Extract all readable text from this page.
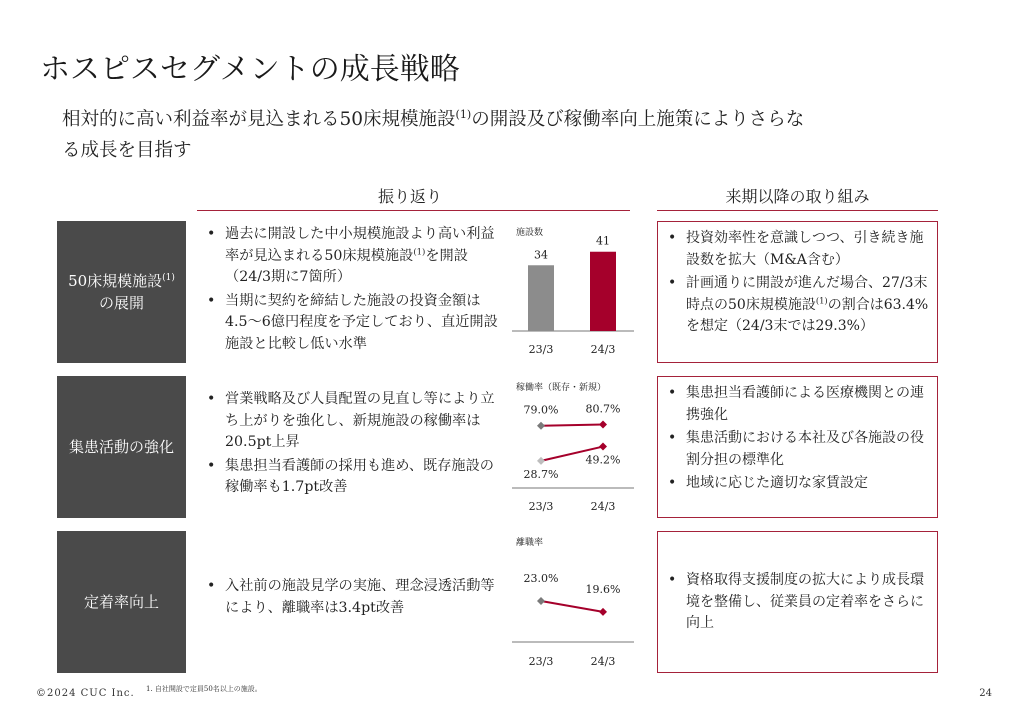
ホスピスセグメントの成長戦略
相対的に高い利益率が見込まれる50床規模施設$^{(1)}$の開設及び稼働率向上施策によりさらな
る成長を目指す
振り返り	来期以降の取り組み
50床規模施設$^{(1)}$
の展開
• 過去に開設した中小規模施設より高い利益率が見込まれる50床規模施設$^{(1)}$を開設（24/3期に7箇所）
• 当期に契約を締結した施設の投資金額は4.5〜6億円程度を予定しており、直近開設施設と比較し低い水準
施設数
34
41
23/3	24/3
• 投資効率性を意識しつつ、引き続き施設数を拡大（M&A含む）
• 計画通りに開設が進んだ場合、27/3末時点の50床規模施設$^{(1)}$の割合は63.4%を想定（24/3末では29.3%）
集患活動の強化
• 営業戦略及び人員配置の見直し等により立ち上がりを強化し、新規施設の稼働率は20.5pt上昇
• 集患担当看護師の採用も進め、既存施設の稼働率も1.7pt改善
稼働率（既存・新規）
79.0% 80.7%
28.7%
49.2%
23/3	24/3
• 集患担当看護師による医療機関との連携強化
• 集患活動における本社及び各施設の役割分担の標準化
• 地域に応じた適切な家賃設定
定着率向上
• 入社前の施設見学の実施、理念浸透活動等により、離職率は3.4pt改善
離職率
23.0%
19.6%
23/3	24/3
• 資格取得支援制度の拡大により成長環境を整備し、従業員の定着率をさらに向上
©2024 CUC Inc. 1. 自社開設で定員50名以上の施設。	24
